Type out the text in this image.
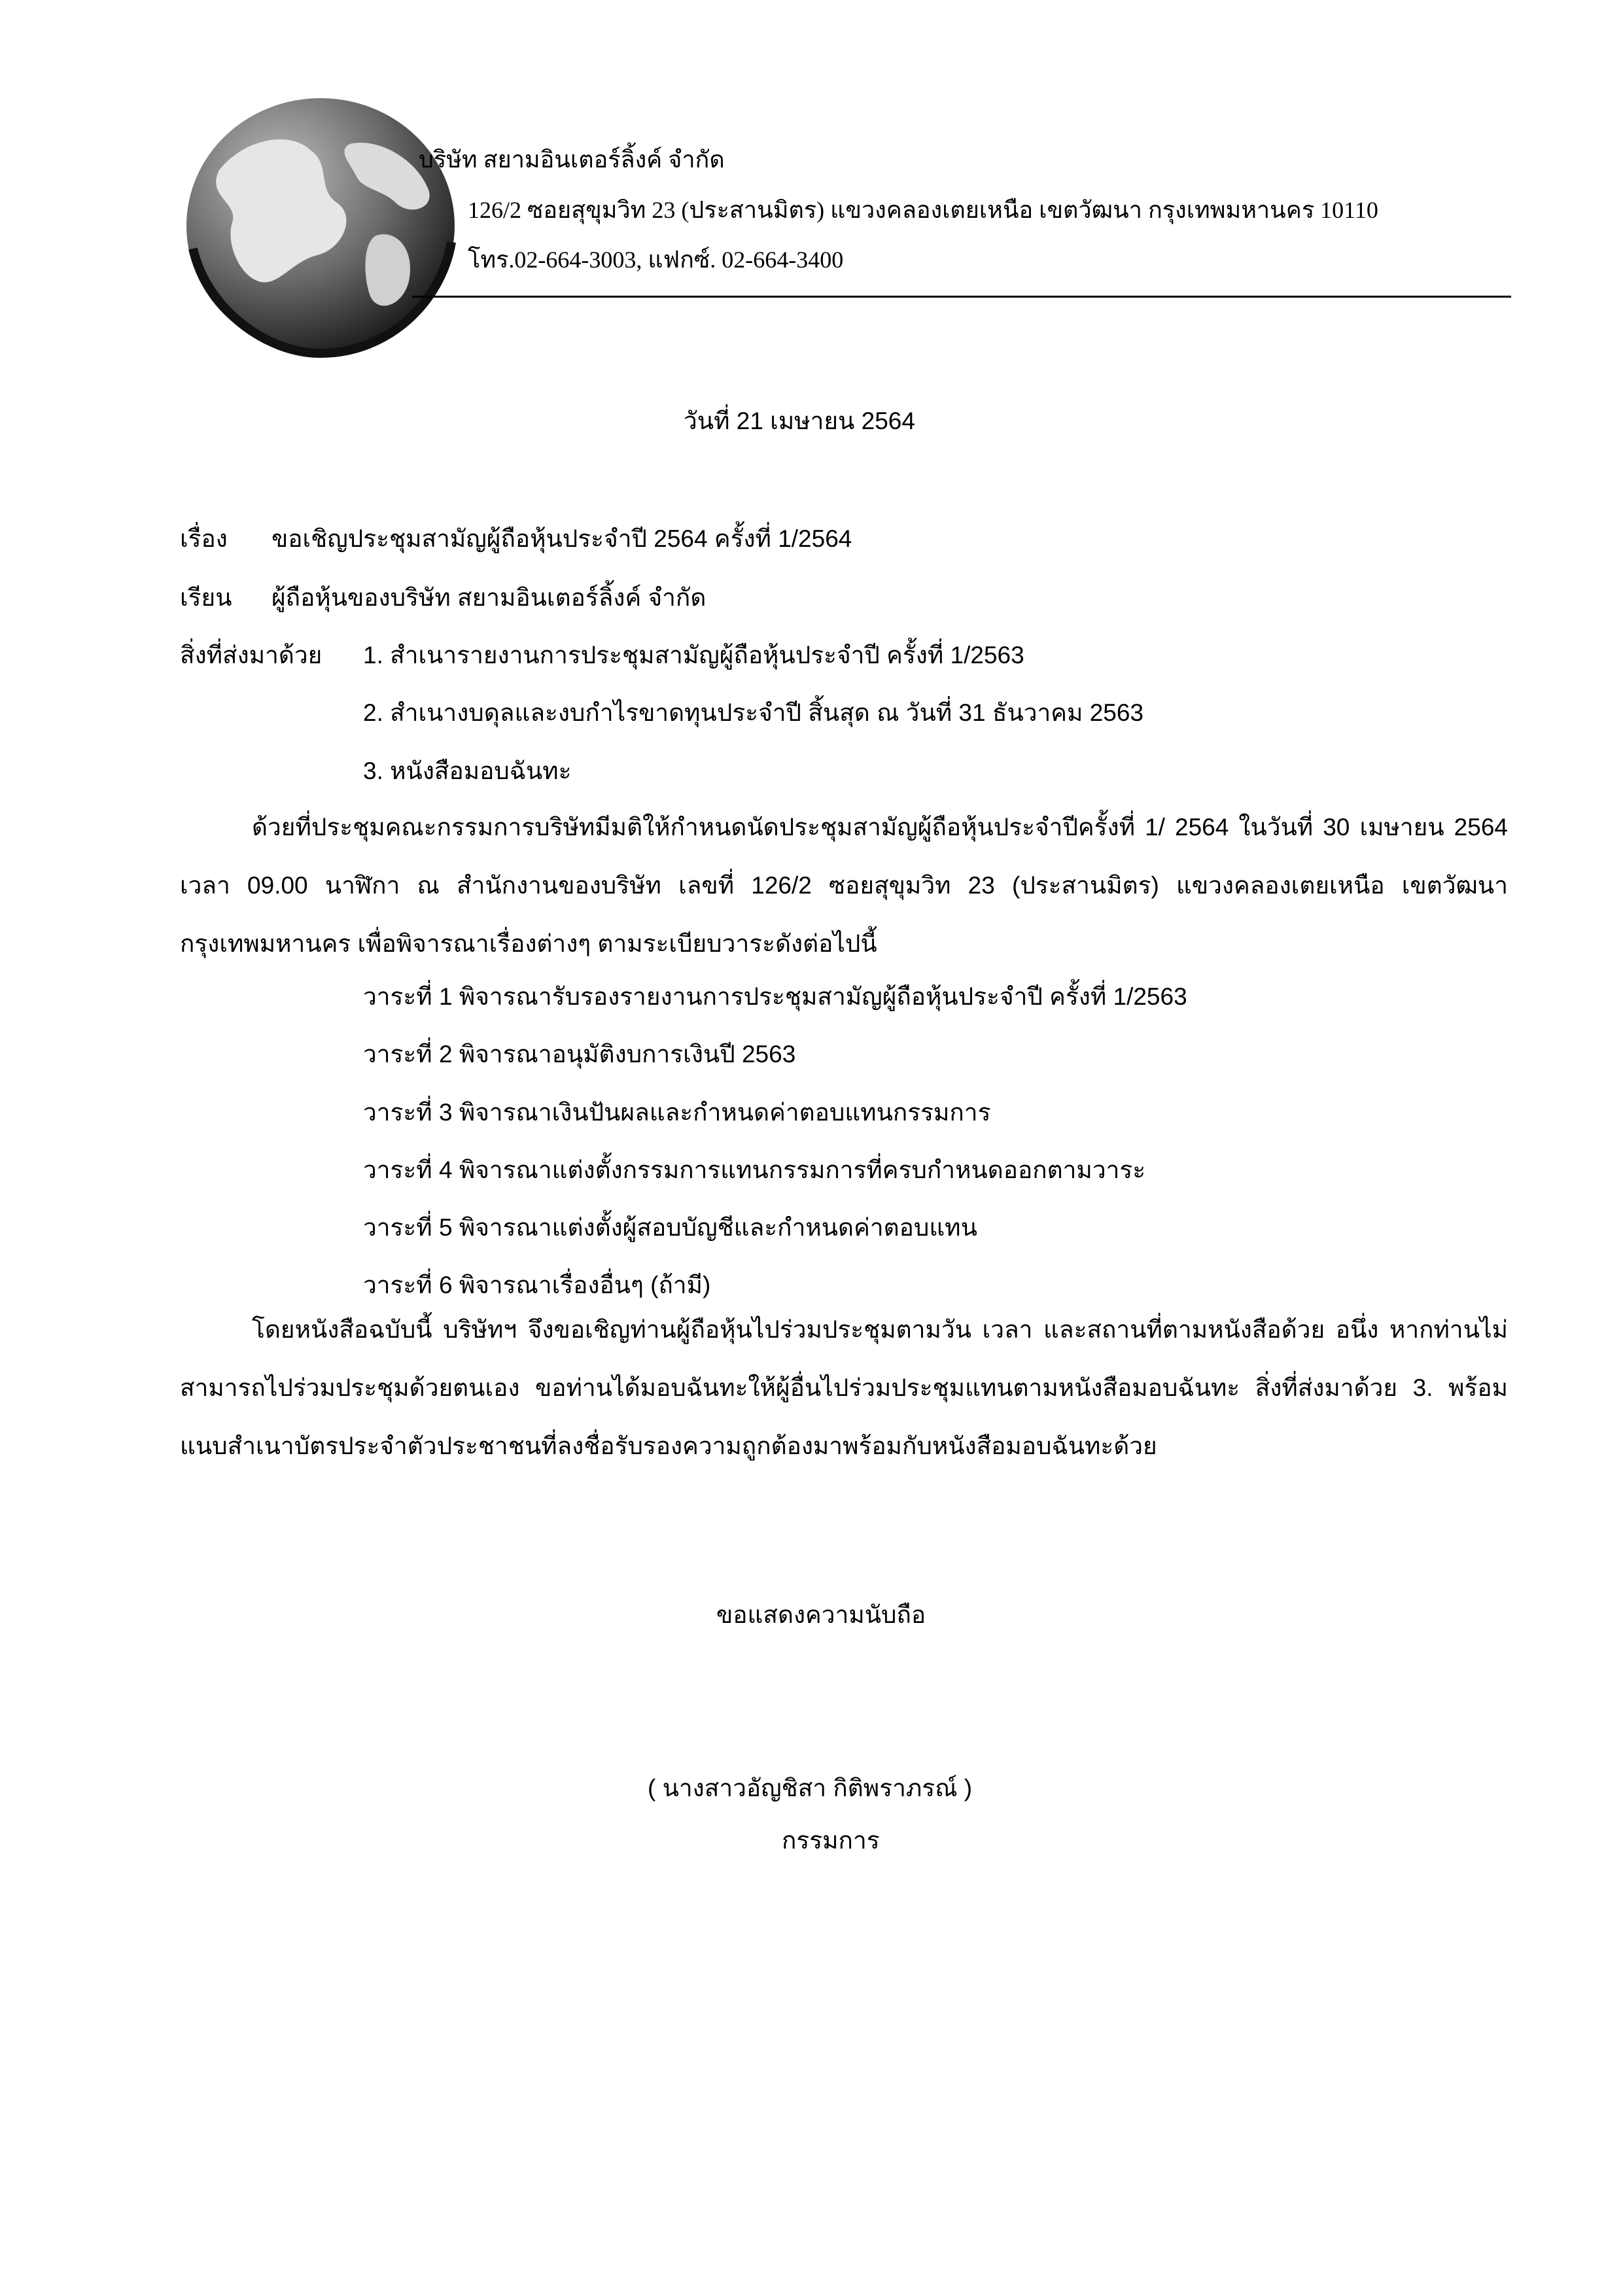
บริษัท สยามอินเตอร์ลิ้งค์ จำกัด
126/2 ซอยสุขุมวิท 23 (ประสานมิตร) แขวงคลองเตยเหนือ เขตวัฒนา กรุงเทพมหานคร 10110
โทร.02-664-3003, แฟกซ์. 02-664-3400
วันที่ 21 เมษายน 2564
เรื่อง ขอเชิญประชุมสามัญผู้ถือหุ้นประจำปี 2564 ครั้งที่ 1/2564
เรียน ผู้ถือหุ้นของบริษัท สยามอินเตอร์ลิ้งค์ จำกัด
สิ่งที่ส่งมาด้วย 1. สำเนารายงานการประชุมสามัญผู้ถือหุ้นประจำปี ครั้งที่ 1/2563
2. สำเนางบดุลและงบกำไรขาดทุนประจำปี สิ้นสุด ณ วันที่ 31 ธันวาคม 2563
3. หนังสือมอบฉันทะ
ด้วยที่ประชุมคณะกรรมการบริษัทมีมติให้กำหนดนัดประชุมสามัญผู้ถือหุ้นประจำปีครั้งที่ 1/ 2564 ในวันที่ 30 เมษายน 2564 เวลา 09.00 นาฬิกา ณ สำนักงานของบริษัท เลขที่ 126/2 ซอยสุขุมวิท 23 (ประสานมิตร) แขวงคลองเตยเหนือ เขตวัฒนา กรุงเทพมหานคร เพื่อพิจารณาเรื่องต่างๆ ตามระเบียบวาระดังต่อไปนี้
วาระที่ 1 พิจารณารับรองรายงานการประชุมสามัญผู้ถือหุ้นประจำปี ครั้งที่ 1/2563
วาระที่ 2 พิจารณาอนุมัติงบการเงินปี 2563
วาระที่ 3 พิจารณาเงินปันผลและกำหนดค่าตอบแทนกรรมการ
วาระที่ 4 พิจารณาแต่งตั้งกรรมการแทนกรรมการที่ครบกำหนดออกตามวาระ
วาระที่ 5 พิจารณาแต่งตั้งผู้สอบบัญชีและกำหนดค่าตอบแทน
วาระที่ 6 พิจารณาเรื่องอื่นๆ (ถ้ามี)
โดยหนังสือฉบับนี้ บริษัทฯ จึงขอเชิญท่านผู้ถือหุ้นไปร่วมประชุมตามวัน เวลา และสถานที่ตามหนังสือด้วย อนึ่ง หากท่านไม่สามารถไปร่วมประชุมด้วยตนเอง ขอท่านได้มอบฉันทะให้ผู้อื่นไปร่วมประชุมแทนตามหนังสือมอบฉันทะ สิ่งที่ส่งมาด้วย 3. พร้อมแนบสำเนาบัตรประจำตัวประชาชนที่ลงชื่อรับรองความถูกต้องมาพร้อมกับหนังสือมอบฉันทะด้วย
ขอแสดงความนับถือ
( นางสาวอัญชิสา กิติพราภรณ์ )
กรรมการ
